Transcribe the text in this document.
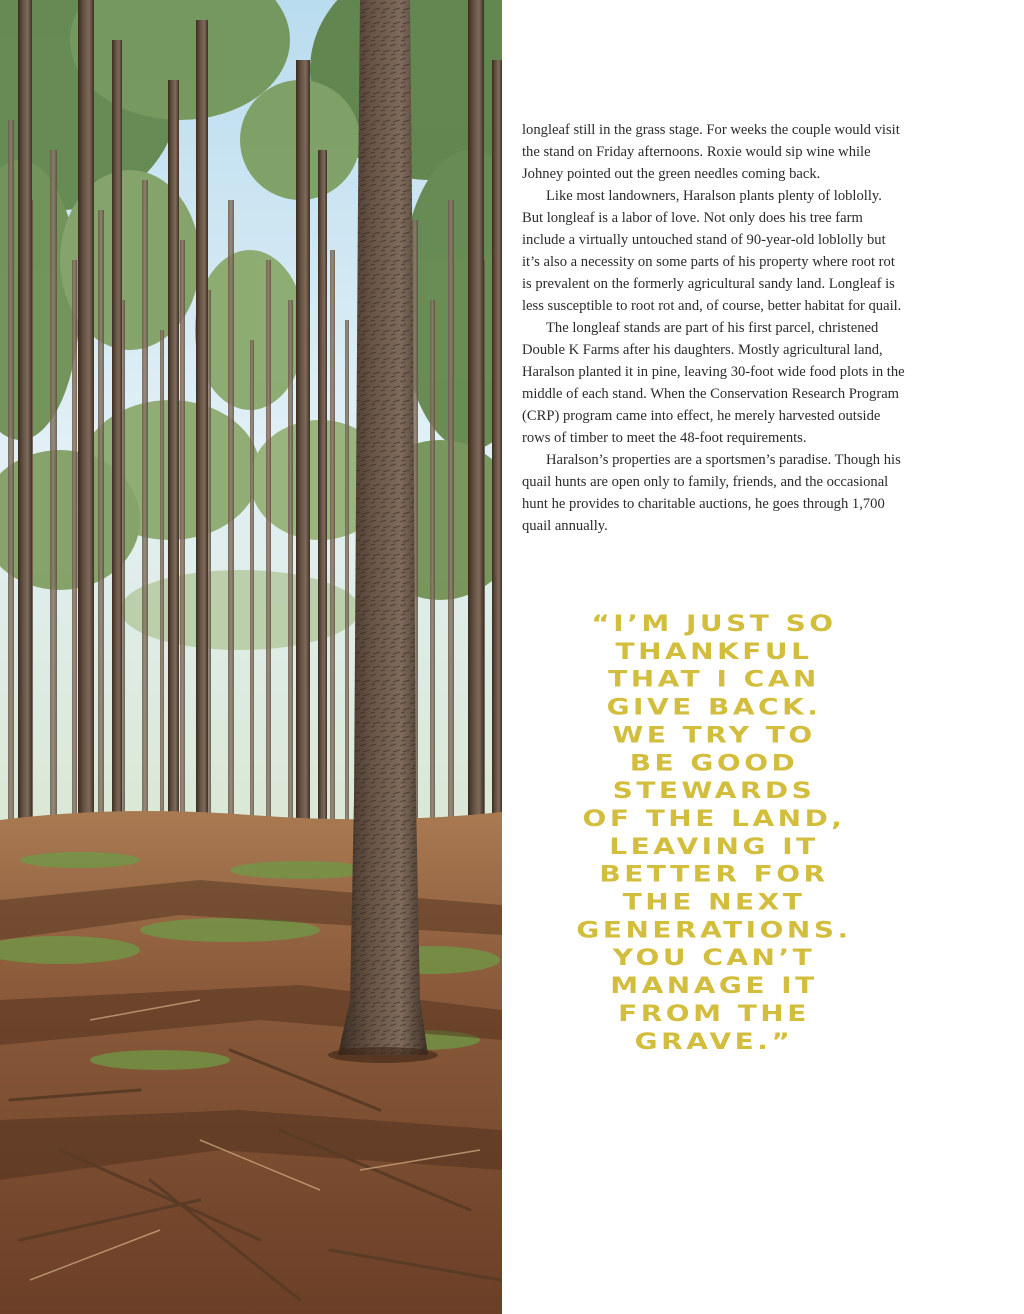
longleaf still in the grass stage. For weeks the couple would visit the stand on Friday afternoons. Roxie would sip wine while Johney pointed out the green needles coming back.

Like most landowners, Haralson plants plenty of loblolly. But longleaf is a labor of love. Not only does his tree farm include a virtually untouched stand of 90-year-old loblolly but it’s also a necessity on some parts of his property where root rot is prevalent on the formerly agricultural sandy land. Longleaf is less susceptible to root rot and, of course, better habitat for quail.

The longleaf stands are part of his first parcel, christened Double K Farms after his daughters. Mostly agricultural land, Haralson planted it in pine, leaving 30-foot wide food plots in the middle of each stand. When the Conservation Research Program (CRP) program came into effect, he merely harvested outside rows of timber to meet the 48-foot requirements.

Haralson’s properties are a sportsmen’s paradise. Though his quail hunts are open only to family, friends, and the occasional hunt he provides to charitable auctions, he goes through 1,700 quail annually.

“I’M JUST SO
THANKFUL
THAT I CAN
GIVE BACK.
WE TRY TO
BE GOOD
STEWARDS
OF THE LAND,
LEAVING IT
BETTER FOR
THE NEXT
GENERATIONS.
YOU CAN’T
MANAGE IT
FROM THE
GRAVE.”
